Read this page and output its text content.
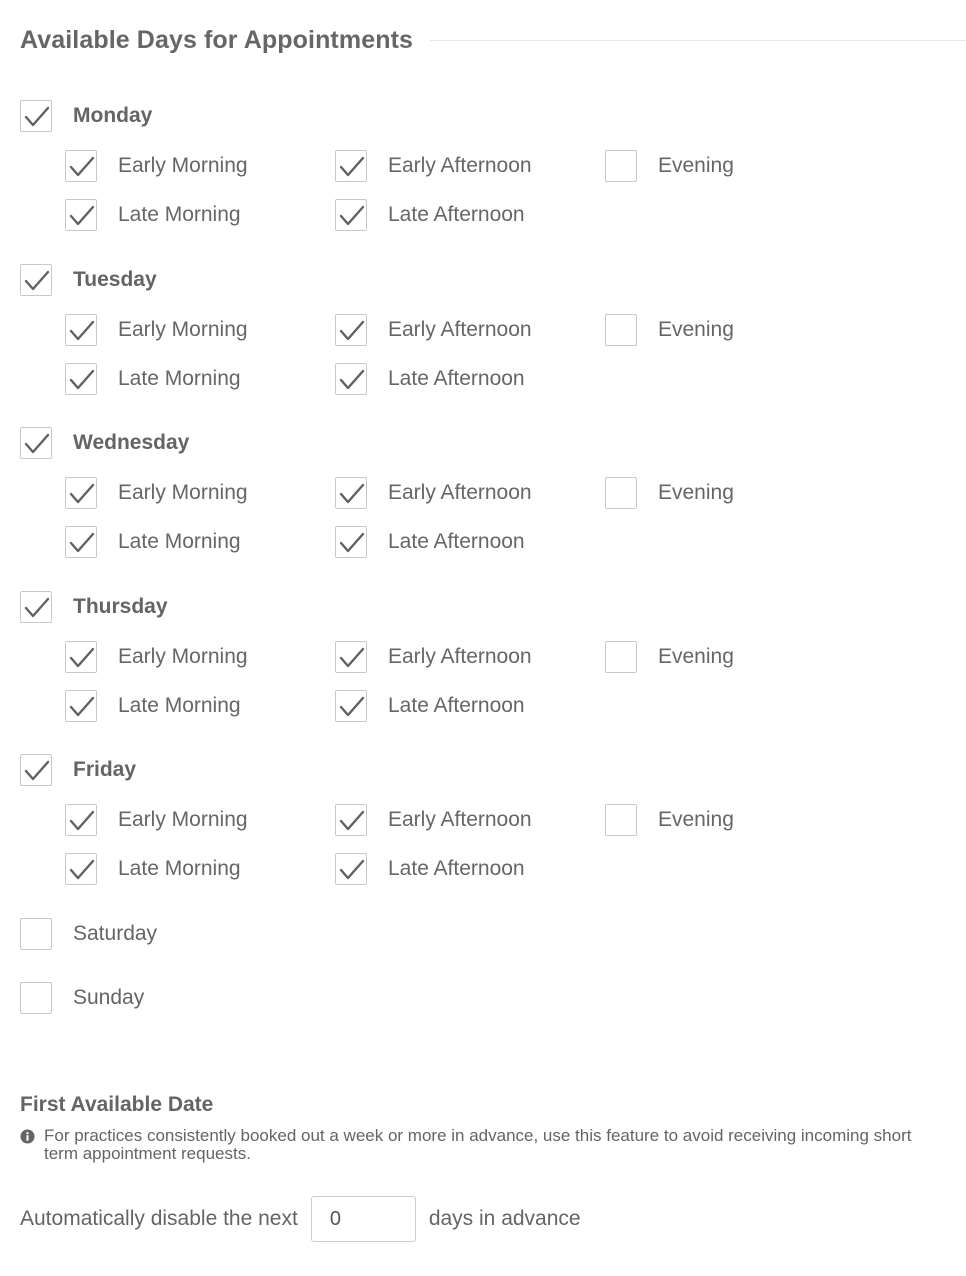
Available Days for Appointments
Monday
Early Morning
Late Morning
Early Afternoon
Late Afternoon
Evening
Tuesday
Early Morning
Late Morning
Early Afternoon
Late Afternoon
Evening
Wednesday
Early Morning
Late Morning
Early Afternoon
Late Afternoon
Evening
Thursday
Early Morning
Late Morning
Early Afternoon
Late Afternoon
Evening
Friday
Early Morning
Late Morning
Early Afternoon
Late Afternoon
Evening
Saturday
Sunday
First Available Date
For practices consistently booked out a week or more in advance, use this feature to avoid receiving incoming short term appointment requests.
Automatically disable the next
0	days in advance
